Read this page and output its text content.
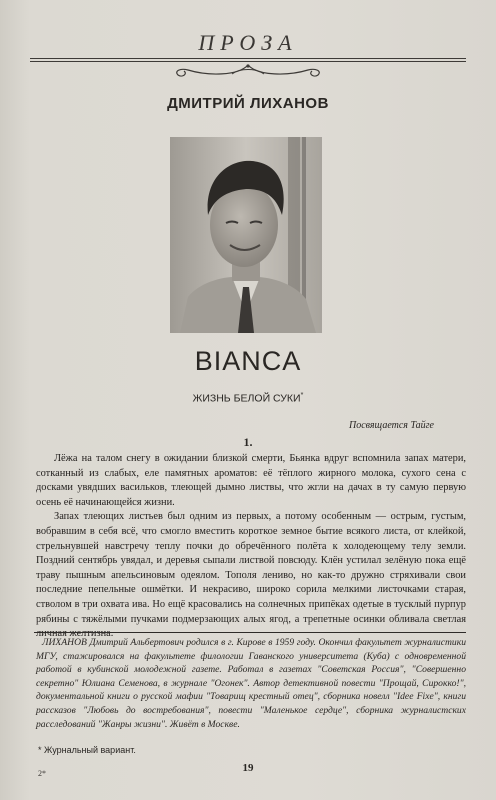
ПРОЗА
ДМИТРИЙ ЛИХАНОВ
BIANCA
ЖИЗНЬ БЕЛОЙ СУКИ*
Посвящается Тайге
1.

Лёжа на талом снегу в ожидании близкой смерти, Бьянка вдруг вспомнила запах матери, сотканный из слабых, еле памятных ароматов: её тёплого жирного молока, сухого сена с досками увядших васильков, тлеющей дымно листвы, что жгли на дачах в ту самую первую осень её начинающейся жизни.

Запах тлеющих листьев был одним из первых, а потому особенным — острым, густым, вобравшим в себя всё, что смогло вместить короткое земное бытие всякого листа, от клейкой, стрельнувшей навстречу теплу почки до обречённого полёта к холодеющему телу земли. Поздний сентябрь увядал, и деревья сыпали листвой повсюду. Клён устилал зелёную пока ещё траву пышным апельсиновым одеялом. Тополя лениво, но как-то дружно стряхивали свои последние пепельные ошмётки. И некрасиво, широко сорила мелкими листочками старая, стволом в три охвата ива. Но ещё красовались на солнечных припёках одетые в тусклый пурпур рябины с тяжёлыми пучками подмерзающих алых ягод, а трепетные осинки обливала светлая личная желтизна.

ЛИХАНОВ Дмитрий Альбертович родился в г. Кирове в 1959 году. Окончил факультет журналистики МГУ, стажировался на факультете филологии Гаванского университета (Куба) с одновременной работой в кубинской молодежной газете. Работал в газетах "Советская Россия", "Совершенно секретно" Юлиана Семенова, в журнале "Огонек". Автор детективной повести "Прощай, Сирокко!", документальной книги о русской мафии "Товарищ крестный отец", сборника новелл "Idee Fixe", книги рассказов "Любовь до востребования", повести "Маленькое сердце", сборника журналистских расследований "Жанры жизни". Живёт в Москве.

* Журнальный вариант.
2*	19
